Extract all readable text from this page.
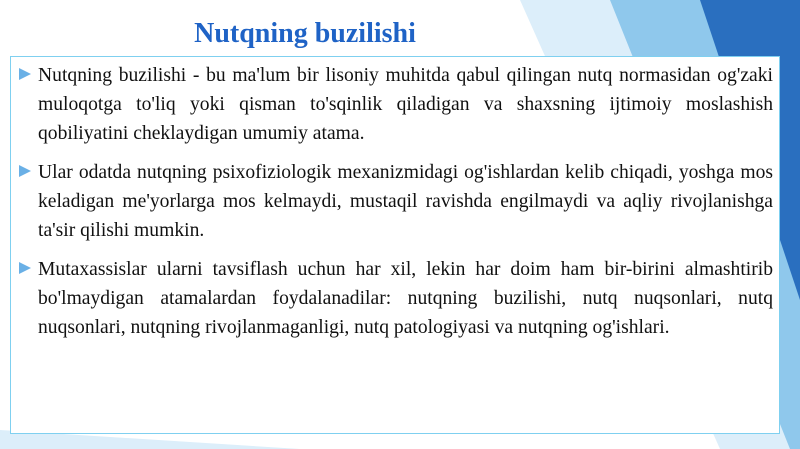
Nutqning buzilishi
Nutqning buzilishi - bu ma'lum bir lisoniy muhitda qabul qilingan nutq normasidan og'zaki muloqotga to'liq yoki qisman to'sqinlik qiladigan va shaxsning ijtimoiy moslashish qobiliyatini cheklaydigan umumiy atama.
Ular odatda nutqning psixofiziologik mexanizmidagi og'ishlardan kelib chiqadi, yoshga mos keladigan me'yorlarga mos kelmaydi, mustaqil ravishda engilmaydi va aqliy rivojlanishga ta'sir qilishi mumkin.
Mutaxassislar ularni tavsiflash uchun har xil, lekin har doim ham bir-birini almashtirib bo'lmaydigan atamalardan foydalanadilar: nutqning buzilishi, nutq nuqsonlari, nutq nuqsonlari, nutqning rivojlanmaganligi, nutq patologiyasi va nutqning og'ishlari.
